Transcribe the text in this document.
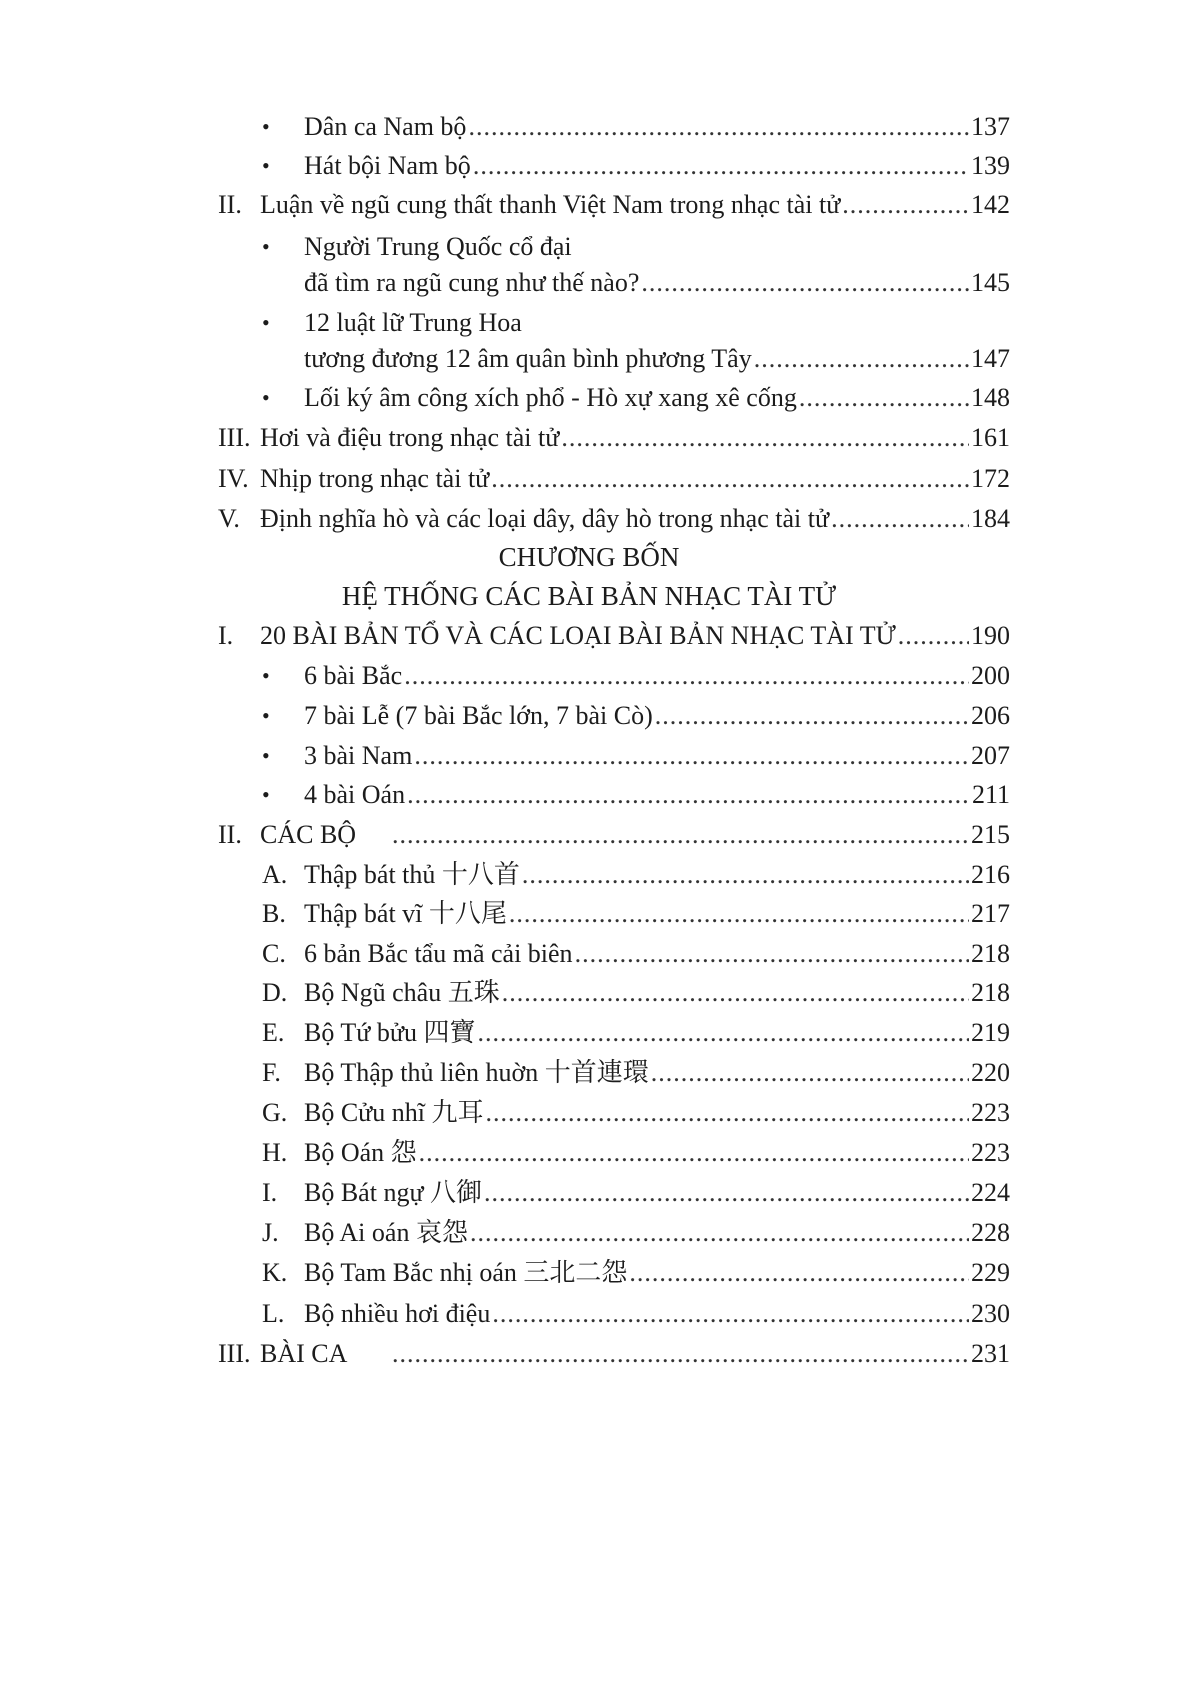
• Dân ca Nam bộ .....	137
• Hát bội Nam bộ .....	139
II. Luận về ngũ cung thất thanh Việt Nam trong nhạc tài tử .....	142
• Người Trung Quốc cổ đại
đã tìm ra ngũ cung như thế nào? .....	145
• 12 luật lữ Trung Hoa
tương đương 12 âm quân bình phương Tây .....	147
• Lối ký âm công xích phổ - Hò xự xang xê cống .....	148
III. Hơi và điệu trong nhạc tài tử .....	161
IV. Nhịp trong nhạc tài tử .....	172
V. Định nghĩa hò và các loại dây, dây hò trong nhạc tài tử .....	184
CHƯƠNG BỐN
HỆ THỐNG CÁC BÀI BẢN NHẠC TÀI TỬ
I. 20 BÀI BẢN TỔ VÀ CÁC LOẠI BÀI BẢN NHẠC TÀI TỬ .....	190
• 6 bài Bắc .....	200
• 7 bài Lễ (7 bài Bắc lớn, 7 bài Cò) .....	206
• 3 bài Nam .....	207
• 4 bài Oán .....	211
II. CÁC BỘ .....	215
A. Thập bát thủ 十八首 .....	216
B. Thập bát vĩ 十八尾 .....	217
C. 6 bản Bắc tẩu mã cải biên .....	218
D. Bộ Ngũ châu 五珠 .....	218
E. Bộ Tứ bửu 四寶 .....	219
F. Bộ Thập thủ liên huờn 十首連環 .....	220
G. Bộ Cửu nhĩ 九耳 .....	223
H. Bộ Oán 怨 .....	223
I. Bộ Bát ngự 八御 .....	224
J. Bộ Ai oán 哀怨 .....	228
K. Bộ Tam Bắc nhị oán 三北二怨 .....	229
L. Bộ nhiều hơi điệu .....	230
III. BÀI CA .....	231
